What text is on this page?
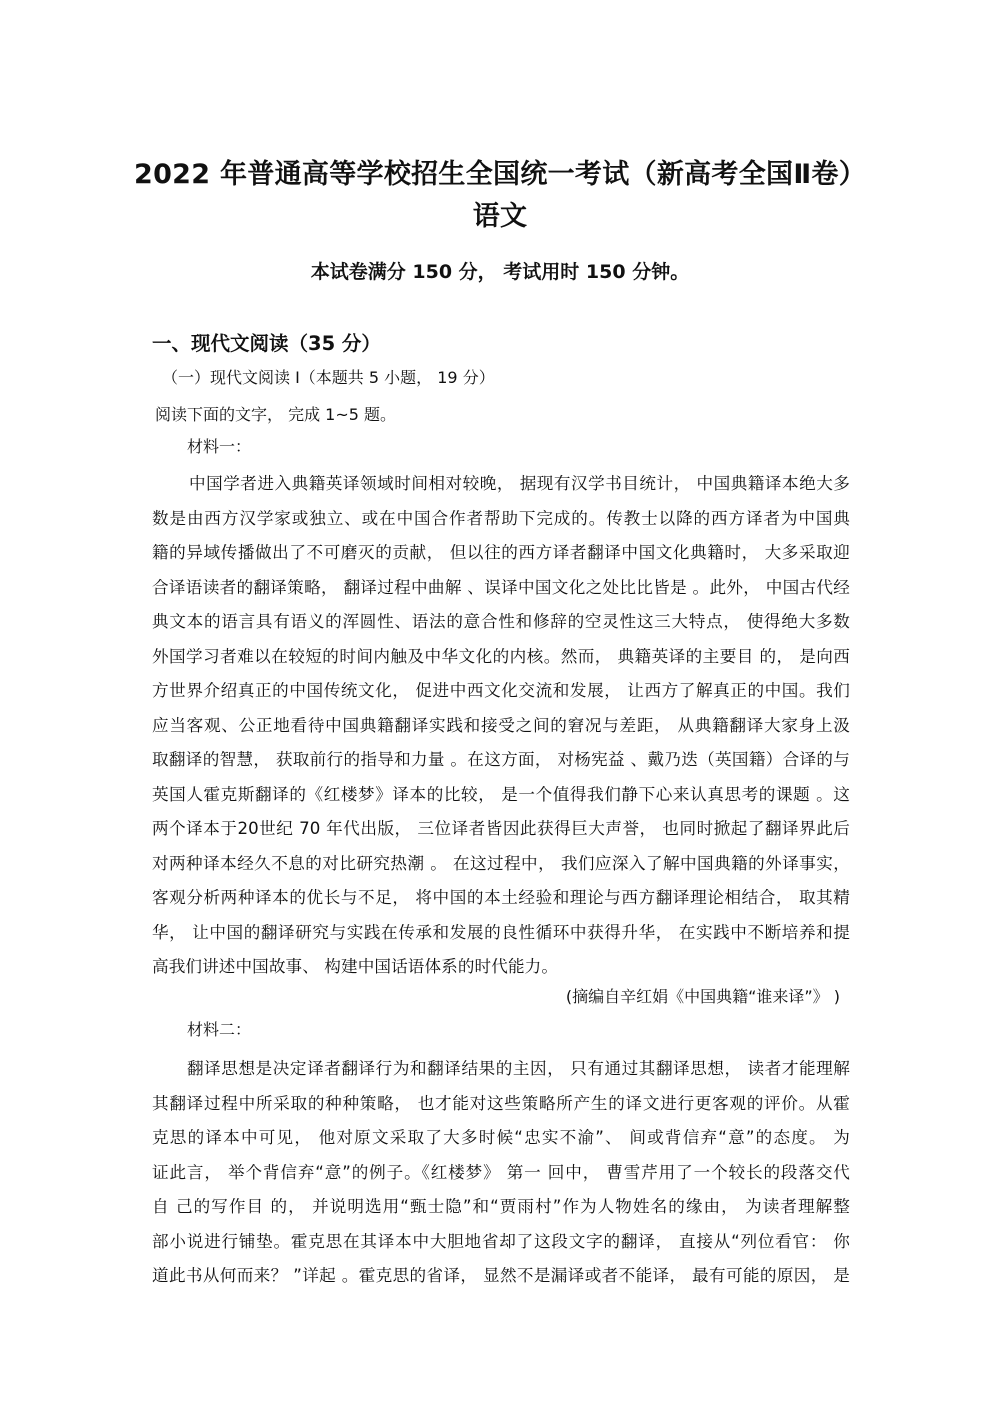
2022 年普通高等学校招生全国统一考试（新高考全国Ⅱ卷）
语文
本试卷满分 150 分， 考试用时 150 分钟。
一、现代文阅读（35 分）
（一）现代文阅读 I（本题共 5 小题， 19 分）
阅读下面的文字， 完成 1~5 题。
材料一：
中国学者进入典籍英译领域时间相对较晚， 据现有汉学书目统计， 中国典籍译本绝大多
数是由西方汉学家或独立、或在中国合作者帮助下完成的。传教士以降的西方译者为中国典
籍的异域传播做出了不可磨灭的贡献， 但以往的西方译者翻译中国文化典籍时， 大多采取迎
合译语读者的翻译策略， 翻译过程中曲解 、误译中国文化之处比比皆是 。此外， 中国古代经
典文本的语言具有语义的浑圆性、语法的意合性和修辞的空灵性这三大特点， 使得绝大多数
外国学习者难以在较短的时间内触及中华文化的内核。然而， 典籍英译的主要目 的， 是向西
方世界介绍真正的中国传统文化， 促进中西文化交流和发展， 让西方了解真正的中国。我们
应当客观、公正地看待中国典籍翻译实践和接受之间的窘况与差距， 从典籍翻译大家身上汲
取翻译的智慧， 获取前行的指导和力量 。在这方面， 对杨宪益 、戴乃迭（英国籍）合译的与
英国人霍克斯翻译的《红楼梦》译本的比较， 是一个值得我们静下心来认真思考的课题 。这
两个译本于20世纪 70 年代出版， 三位译者皆因此获得巨大声誉， 也同时掀起了翻译界此后
对两种译本经久不息的对比研究热潮 。 在这过程中， 我们应深入了解中国典籍的外译事实，
客观分析两种译本的优长与不足， 将中国的本土经验和理论与西方翻译理论相结合， 取其精
华， 让中国的翻译研究与实践在传承和发展的良性循环中获得升华， 在实践中不断培养和提
高我们讲述中国故事、 构建中国话语体系的时代能力。
(摘编自辛红娟《中国典籍“谁来译”》 )
材料二：
翻译思想是决定译者翻译行为和翻译结果的主因， 只有通过其翻译思想， 读者才能理解
其翻译过程中所采取的种种策略， 也才能对这些策略所产生的译文进行更客观的评价。从霍
克思的译本中可见， 他对原文采取了大多时候“忠实不渝”、 间或背信弃“意”的态度。 为
证此言， 举个背信弃“意”的例子。《红楼梦》 第一 回中， 曹雪芹用了一个较长的段落交代
自 己的写作目 的， 并说明选用“甄士隐”和“贾雨村”作为人物姓名的缘由， 为读者理解整
部小说进行铺垫。霍克思在其译本中大胆地省却了这段文字的翻译， 直接从“列位看官： 你
道此书从何而来？ ”详起 。霍克思的省译， 显然不是漏译或者不能译， 最有可能的原因， 是
